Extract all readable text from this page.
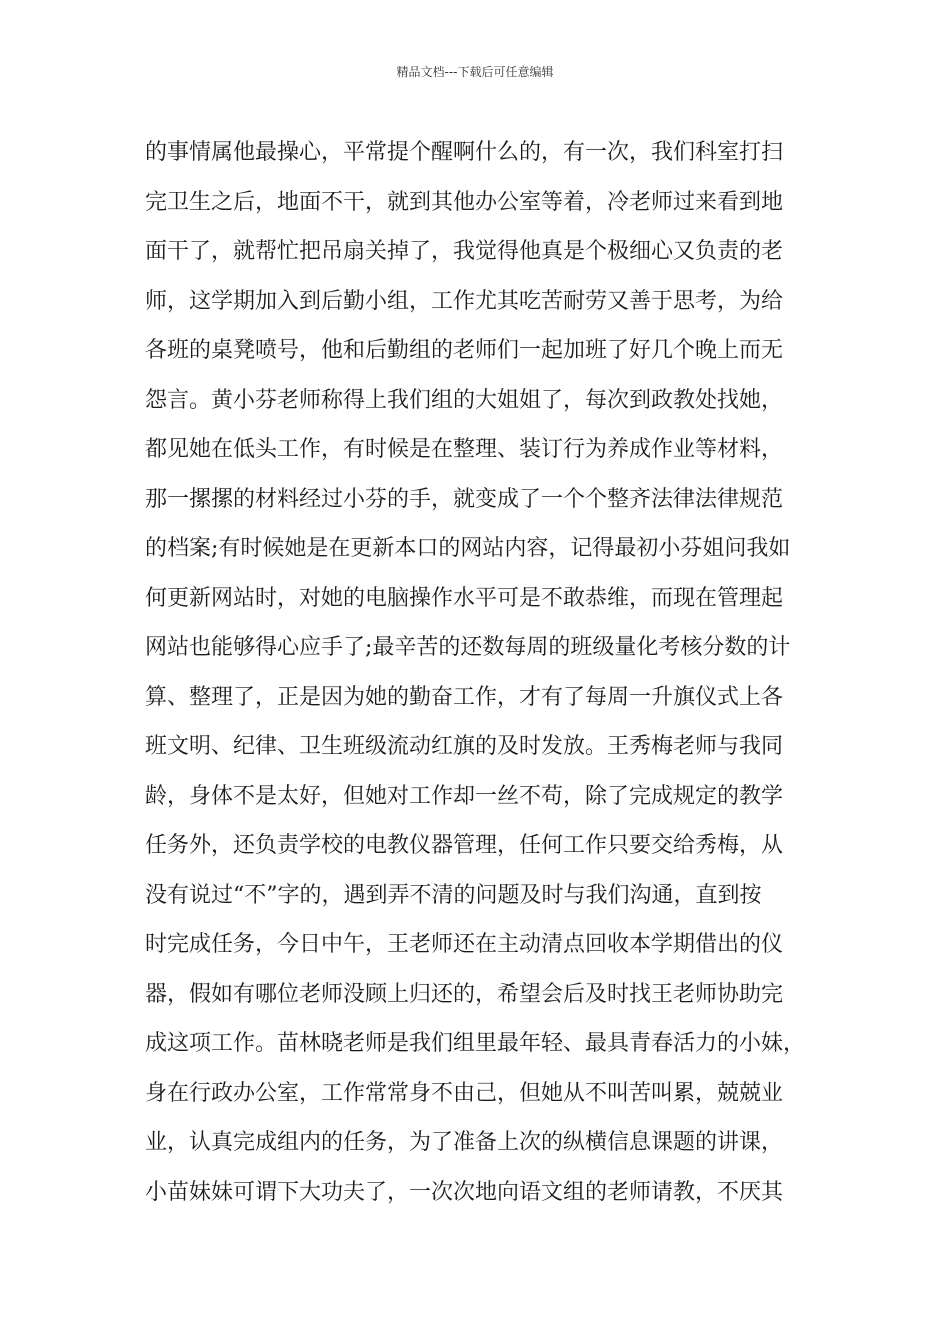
精品文档---下载后可任意编辑
的事情属他最操心，平常提个醒啊什么的，有一次，我们科室打扫
完卫生之后，地面不干，就到其他办公室等着，冷老师过来看到地
面干了，就帮忙把吊扇关掉了，我觉得他真是个极细心又负责的老
师，这学期加入到后勤小组，工作尤其吃苦耐劳又善于思考，为给
各班的桌凳喷号，他和后勤组的老师们一起加班了好几个晚上而无
怨言。黄小芬老师称得上我们组的大姐姐了，每次到政教处找她，
都见她在低头工作，有时候是在整理、装订行为养成作业等材料，
那一摞摞的材料经过小芬的手，就变成了一个个整齐法律法律规范
的档案;有时候她是在更新本口的网站内容，记得最初小芬姐问我如
何更新网站时，对她的电脑操作水平可是不敢恭维，而现在管理起
网站也能够得心应手了;最辛苦的还数每周的班级量化考核分数的计
算、整理了，正是因为她的勤奋工作，才有了每周一升旗仪式上各
班文明、纪律、卫生班级流动红旗的及时发放。王秀梅老师与我同
龄，身体不是太好，但她对工作却一丝不苟，除了完成规定的教学
任务外，还负责学校的电教仪器管理，任何工作只要交给秀梅，从
没有说过“不”字的，遇到弄不清的问题及时与我们沟通，直到按
时完成任务，今日中午，王老师还在主动清点回收本学期借出的仪
器，假如有哪位老师没顾上归还的，希望会后及时找王老师协助完
成这项工作。苗林晓老师是我们组里最年轻、最具青春活力的小妹，
身在行政办公室，工作常常身不由己，但她从不叫苦叫累，兢兢业
业，认真完成组内的任务，为了准备上次的纵横信息课题的讲课，
小苗妹妹可谓下大功夫了，一次次地向语文组的老师请教，不厌其
